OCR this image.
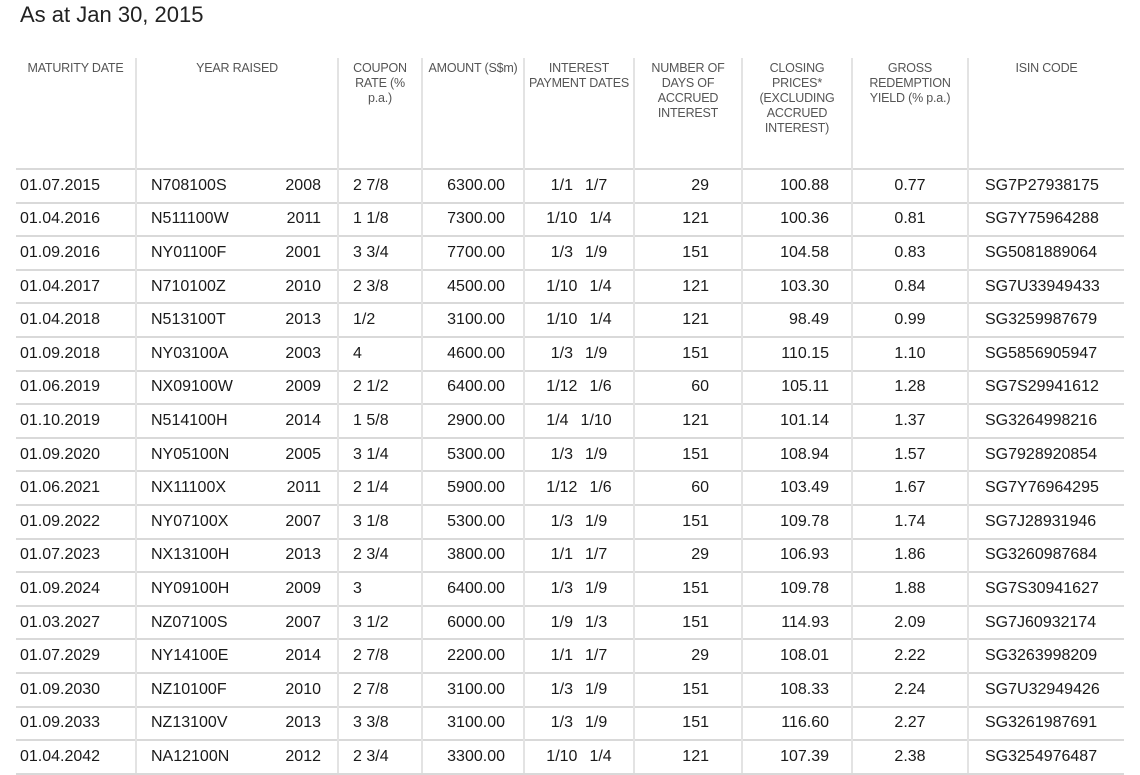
As at Jan 30, 2015
MATURITY DATE	YEAR RAISED	COUPON RATE (% p.a.)	AMOUNT (S$m)	INTEREST PAYMENT DATES	NUMBER OF DAYS OF ACCRUED INTEREST	CLOSING PRICES* (EXCLUDING ACCRUED INTEREST)	GROSS REDEMPTION YIELD (% p.a.)	ISIN CODE
01.07.2015	N708100S 2008	2 7/8	6300.00	1/1 1/7	29	100.88	0.77	SG7P27938175
01.04.2016	N511100W 2011	1 1/8	7300.00	1/10 1/4	121	100.36	0.81	SG7Y75964288
01.09.2016	NY01100F 2001	3 3/4	7700.00	1/3 1/9	151	104.58	0.83	SG5081889064
01.04.2017	N710100Z 2010	2 3/8	4500.00	1/10 1/4	121	103.30	0.84	SG7U33949433
01.04.2018	N513100T 2013	1/2	3100.00	1/10 1/4	121	98.49	0.99	SG3259987679
01.09.2018	NY03100A 2003	4	4600.00	1/3 1/9	151	110.15	1.10	SG5856905947
01.06.2019	NX09100W 2009	2 1/2	6400.00	1/12 1/6	60	105.11	1.28	SG7S29941612
01.10.2019	N514100H 2014	1 5/8	2900.00	1/4 1/10	121	101.14	1.37	SG3264998216
01.09.2020	NY05100N 2005	3 1/4	5300.00	1/3 1/9	151	108.94	1.57	SG7928920854
01.06.2021	NX11100X 2011	2 1/4	5900.00	1/12 1/6	60	103.49	1.67	SG7Y76964295
01.09.2022	NY07100X 2007	3 1/8	5300.00	1/3 1/9	151	109.78	1.74	SG7J28931946
01.07.2023	NX13100H 2013	2 3/4	3800.00	1/1 1/7	29	106.93	1.86	SG3260987684
01.09.2024	NY09100H 2009	3	6400.00	1/3 1/9	151	109.78	1.88	SG7S30941627
01.03.2027	NZ07100S 2007	3 1/2	6000.00	1/9 1/3	151	114.93	2.09	SG7J60932174
01.07.2029	NY14100E 2014	2 7/8	2200.00	1/1 1/7	29	108.01	2.22	SG3263998209
01.09.2030	NZ10100F 2010	2 7/8	3100.00	1/3 1/9	151	108.33	2.24	SG7U32949426
01.09.2033	NZ13100V 2013	3 3/8	3100.00	1/3 1/9	151	116.60	2.27	SG3261987691
01.04.2042	NA12100N 2012	2 3/4	3300.00	1/10 1/4	121	107.39	2.38	SG3254976487
